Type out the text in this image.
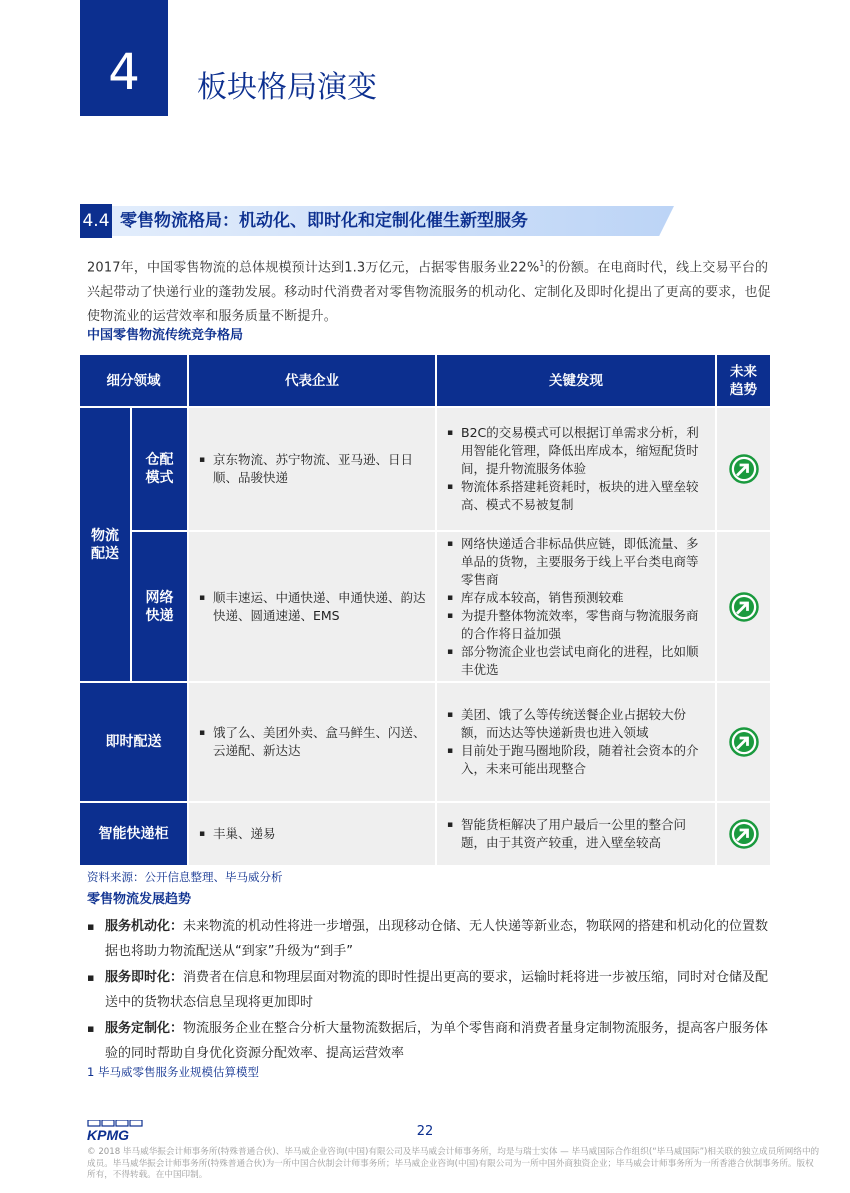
4	板块格局演变
4.4 零售物流格局：机动化、即时化和定制化催生新型服务

2017年，中国零售物流的总体规模预计达到1.3万亿元，占据零售服务业22%$^1$的份额。在电商时代，线上交易平台的兴起带动了快递行业的蓬勃发展。移动时代消费者对零售物流服务的机动化、定制化及即时化提出了更高的要求，也促使物流业的运营效率和服务质量不断提升。

中国零售物流传统竞争格局
细分领域	代表企业	关键发现
未来趋势
物流配送
仓配模式
▪ 京东物流、苏宁物流、亚马逊、日日顺、品骏快递
▪ B2C的交易模式可以根据订单需求分析，利用智能化管理，降低出库成本，缩短配货时间，提升物流服务体验
▪ 物流体系搭建耗资耗时，板块的进入壁垒较高、模式不易被复制
网络快递
▪ 顺丰速运、中通快递、申通快递、韵达快递、圆通速递、EMS
▪ 网络快递适合非标品供应链，即低流量、多单品的货物，主要服务于线上平台类电商等零售商
▪ 库存成本较高，销售预测较难
▪ 为提升整体物流效率，零售商与物流服务商的合作将日益加强
▪ 部分物流企业也尝试电商化的进程，比如顺丰优选
即时配送
▪ 饿了么、美团外卖、盒马鲜生、闪送、云递配、新达达
▪ 美团、饿了么等传统送餐企业占据较大份额，而达达等快递新贵也进入领域
▪ 目前处于跑马圈地阶段，随着社会资本的介入，未来可能出现整合
智能快递柜
▪	丰巢、递易
▪ 智能货柜解决了用户最后一公里的整合问题，由于其资产较重，进入壁垒较高
资料来源：公开信息整理、毕马威分析
零售物流发展趋势
▪ 服务机动化：未来物流的机动性将进一步增强，出现移动仓储、无人快递等新业态，物联网的搭建和机动化的位置数据也将助力物流配送从“到家”升级为“到手”
▪ 服务即时化：消费者在信息和物理层面对物流的即时性提出更高的要求，运输时耗将进一步被压缩，同时对仓储及配送中的货物状态信息呈现将更加即时
▪ 服务定制化：物流服务企业在整合分析大量物流数据后，为单个零售商和消费者量身定制物流服务，提高客户服务体验的同时帮助自身优化资源分配效率、提高运营效率
1 毕马威零售服务业规模估算模型
KPMG	22
© 2018 毕马威华振会计师事务所(特殊普通合伙)、毕马威企业咨询(中国)有限公司及毕马威会计师事务所，均是与瑞士实体 — 毕马威国际合作组织(“毕马威国际”)相关联的独立成员所网络中的成员。毕马威华振会计师事务所(特殊普通合伙)为一所中国合伙制会计师事务所；毕马威企业咨询(中国)有限公司为一所中国外商独资企业；毕马威会计师事务所为一所香港合伙制事务所。版权所有，不得转载。在中国印制。
